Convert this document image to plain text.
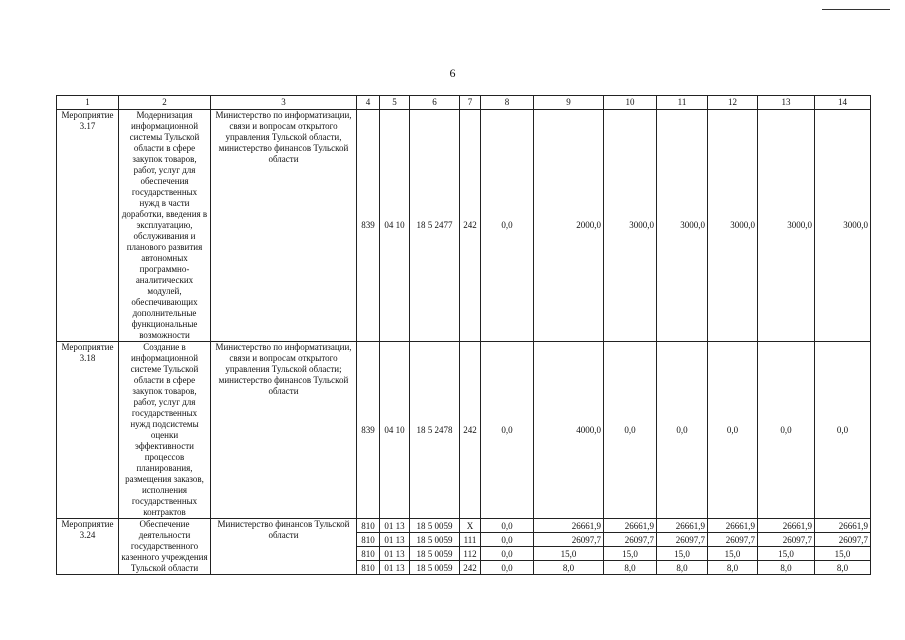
6
1	2	3	4	5	6	7	8	9	10	11	12	13	14
Мероприятие 3.17	Модернизация информационной системы Тульской области в сфере закупок товаров, работ, услуг для обеспечения государственных нужд в части доработки, введения в эксплуатацию, обслуживания и планового развития автономных программно-аналитических модулей, обеспечивающих дополнительные функциональные возможности	Министерство по информатизации, связи и вопросам открытого управления Тульской области, министерство финансов Тульской области	839	04 10	18 5 2477	242	0,0	2000,0	3000,0	3000,0	3000,0	3000,0	3000,0
Мероприятие 3.18	Создание в информационной системе Тульской области в сфере закупок товаров, работ, услуг для государственных нужд подсистемы оценки эффективности процессов планирования, размещения заказов, исполнения государственных контрактов	Министерство по информатизации, связи и вопросам открытого управления Тульской области; министерство финансов Тульской области	839	04 10	18 5 2478	242	0,0	4000,0	0,0	0,0	0,0	0,0	0,0
Мероприятие 3.24	Обеспечение деятельности государственного казенного учреждения Тульской области	Министерство финансов Тульской области	810	01 13	18 5 0059	X	0,0	26661,9	26661,9	26661,9	26661,9	26661,9	26661,9
			810	01 13	18 5 0059	111	0,0	26097,7	26097,7	26097,7	26097,7	26097,7	26097,7
			810	01 13	18 5 0059	112	0,0	15,0	15,0	15,0	15,0	15,0	15,0
			810	01 13	18 5 0059	242	0,0	8,0	8,0	8,0	8,0	8,0	8,0
